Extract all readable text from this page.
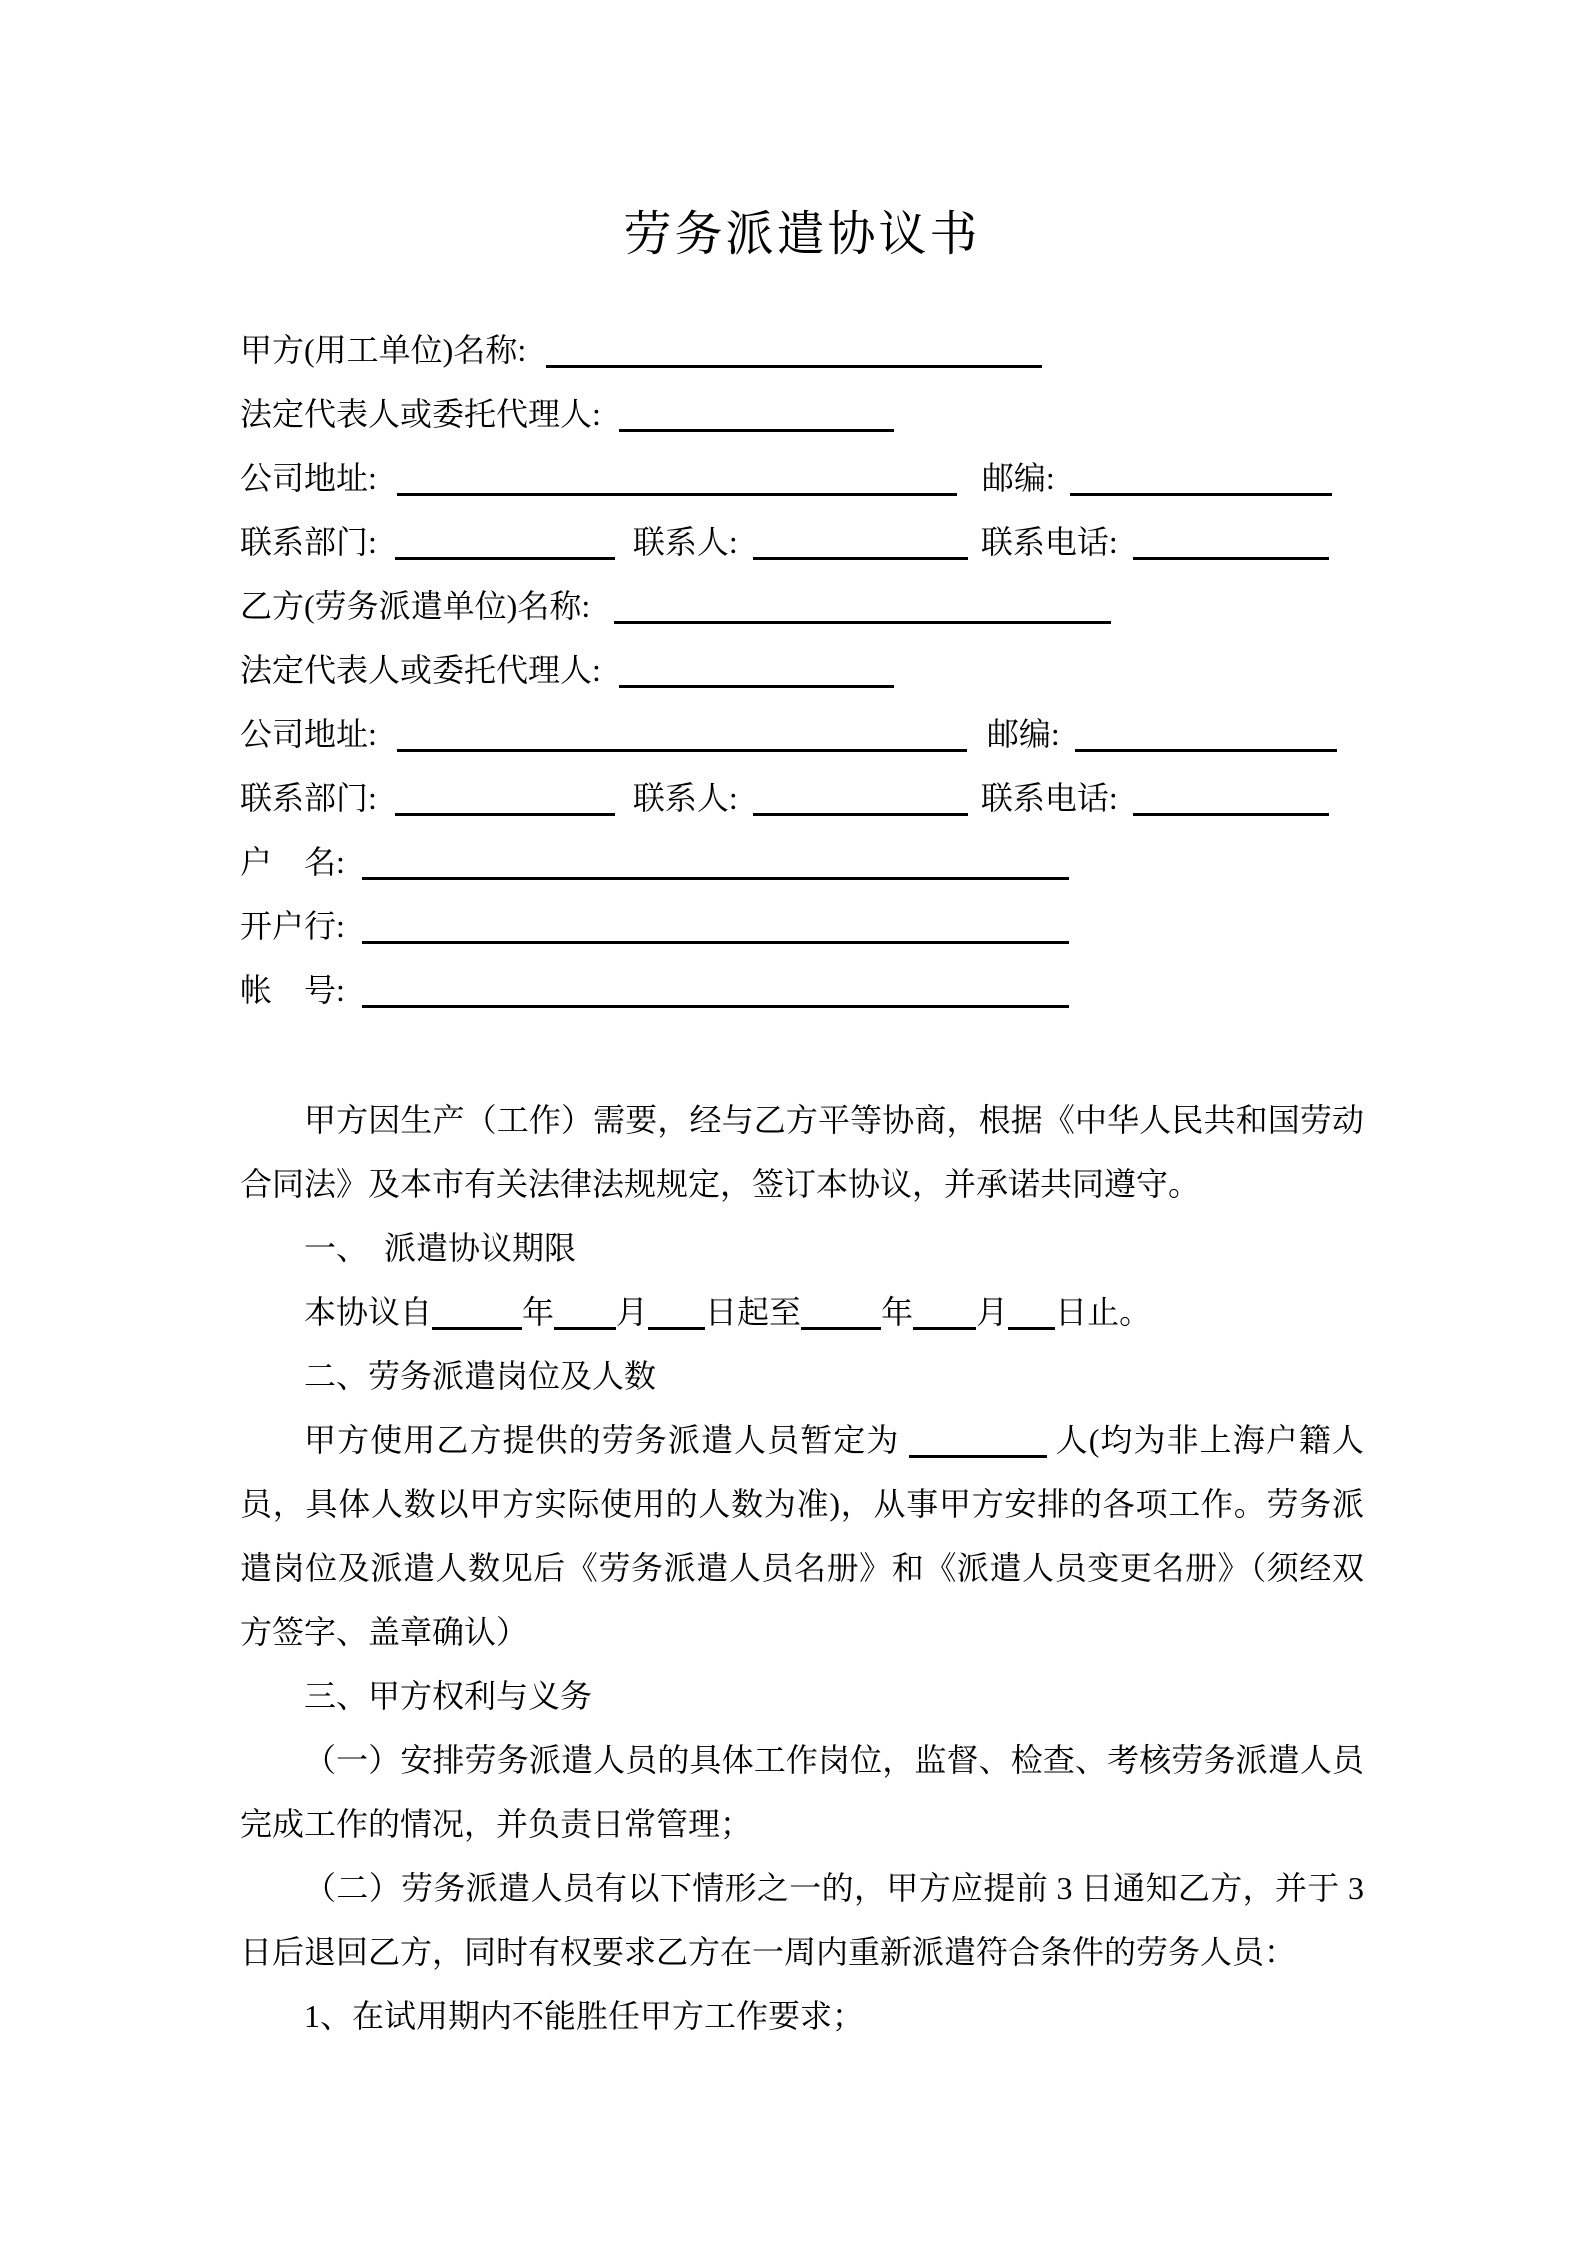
劳务派遣协议书
甲方(用工单位)名称:
法定代表人或委托代理人:
公司地址:	邮编:
联系部门:	联系人:	联系电话:
乙方(劳务派遣单位)名称:
法定代表人或委托代理人:
公司地址:	邮编:
联系部门:	联系人:	联系电话:
户　名:
开户行:
帐　号:

甲方因生产（工作）需要，经与乙方平等协商，根据《中华人民共和国劳动合同法》及本市有关法律法规规定，签订本协议，并承诺共同遵守。

一、　派遣协议期限

本协议自	年 月 日起至	年 月 日止。

二、劳务派遣岗位及人数

甲方使用乙方提供的劳务派遣人员暂定为	人(均为非上海户籍人员，具体人数以甲方实际使用的人数为准)，从事甲方安排的各项工作。劳务派遣岗位及派遣人数见后《劳务派遣人员名册》和《派遣人员变更名册》（须经双方签字、盖章确认）

三、甲方权利与义务

（一）安排劳务派遣人员的具体工作岗位，监督、检查、考核劳务派遣人员完成工作的情况，并负责日常管理；

（二）劳务派遣人员有以下情形之一的，甲方应提前 3 日通知乙方，并于 3 日后退回乙方，同时有权要求乙方在一周内重新派遣符合条件的劳务人员：

1、在试用期内不能胜任甲方工作要求；
